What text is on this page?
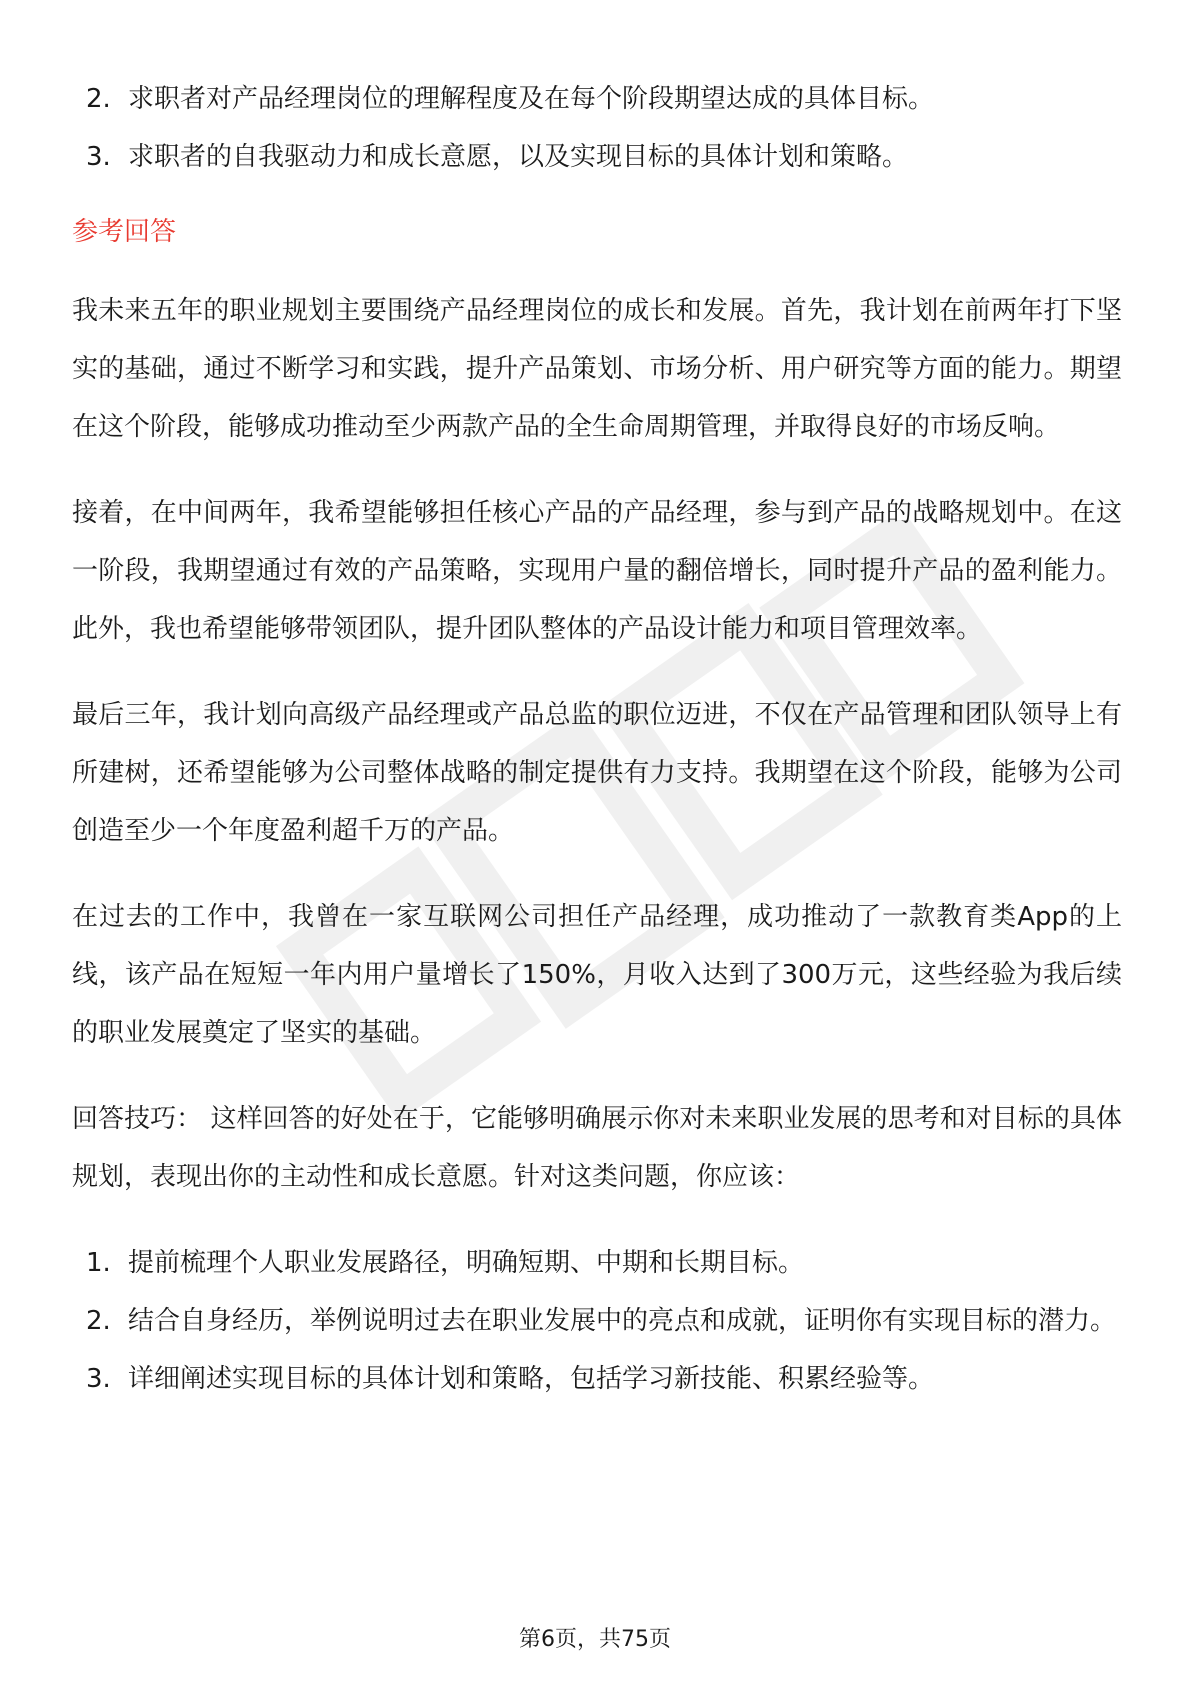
2. 求职者对产品经理岗位的理解程度及在每个阶段期望达成的具体目标。
3. 求职者的自我驱动力和成长意愿，以及实现目标的具体计划和策略。
参考回答

我未来五年的职业规划主要围绕产品经理岗位的成长和发展。首先，我计划在前两年打下坚实的基础，通过不断学习和实践，提升产品策划、市场分析、用户研究等方面的能力。期望在这个阶段，能够成功推动至少两款产品的全生命周期管理，并取得良好的市场反响。

接着，在中间两年，我希望能够担任核心产品的产品经理，参与到产品的战略规划中。在这一阶段，我期望通过有效的产品策略，实现用户量的翻倍增长，同时提升产品的盈利能力。此外，我也希望能够带领团队，提升团队整体的产品设计能力和项目管理效率。

最后三年，我计划向高级产品经理或产品总监的职位迈进，不仅在产品管理和团队领导上有所建树，还希望能够为公司整体战略的制定提供有力支持。我期望在这个阶段，能够为公司创造至少一个年度盈利超千万的产品。

在过去的工作中，我曾在一家互联网公司担任产品经理，成功推动了一款教育类App的上线，该产品在短短一年内用户量增长了150%，月收入达到了300万元，这些经验为我后续的职业发展奠定了坚实的基础。

回答技巧： 这样回答的好处在于，它能够明确展示你对未来职业发展的思考和对目标的具体规划，表现出你的主动性和成长意愿。针对这类问题，你应该：

1. 提前梳理个人职业发展路径，明确短期、中期和长期目标。
2. 结合自身经历，举例说明过去在职业发展中的亮点和成就，证明你有实现目标的潜力。
3. 详细阐述实现目标的具体计划和策略，包括学习新技能、积累经验等。
第6页，共75页
